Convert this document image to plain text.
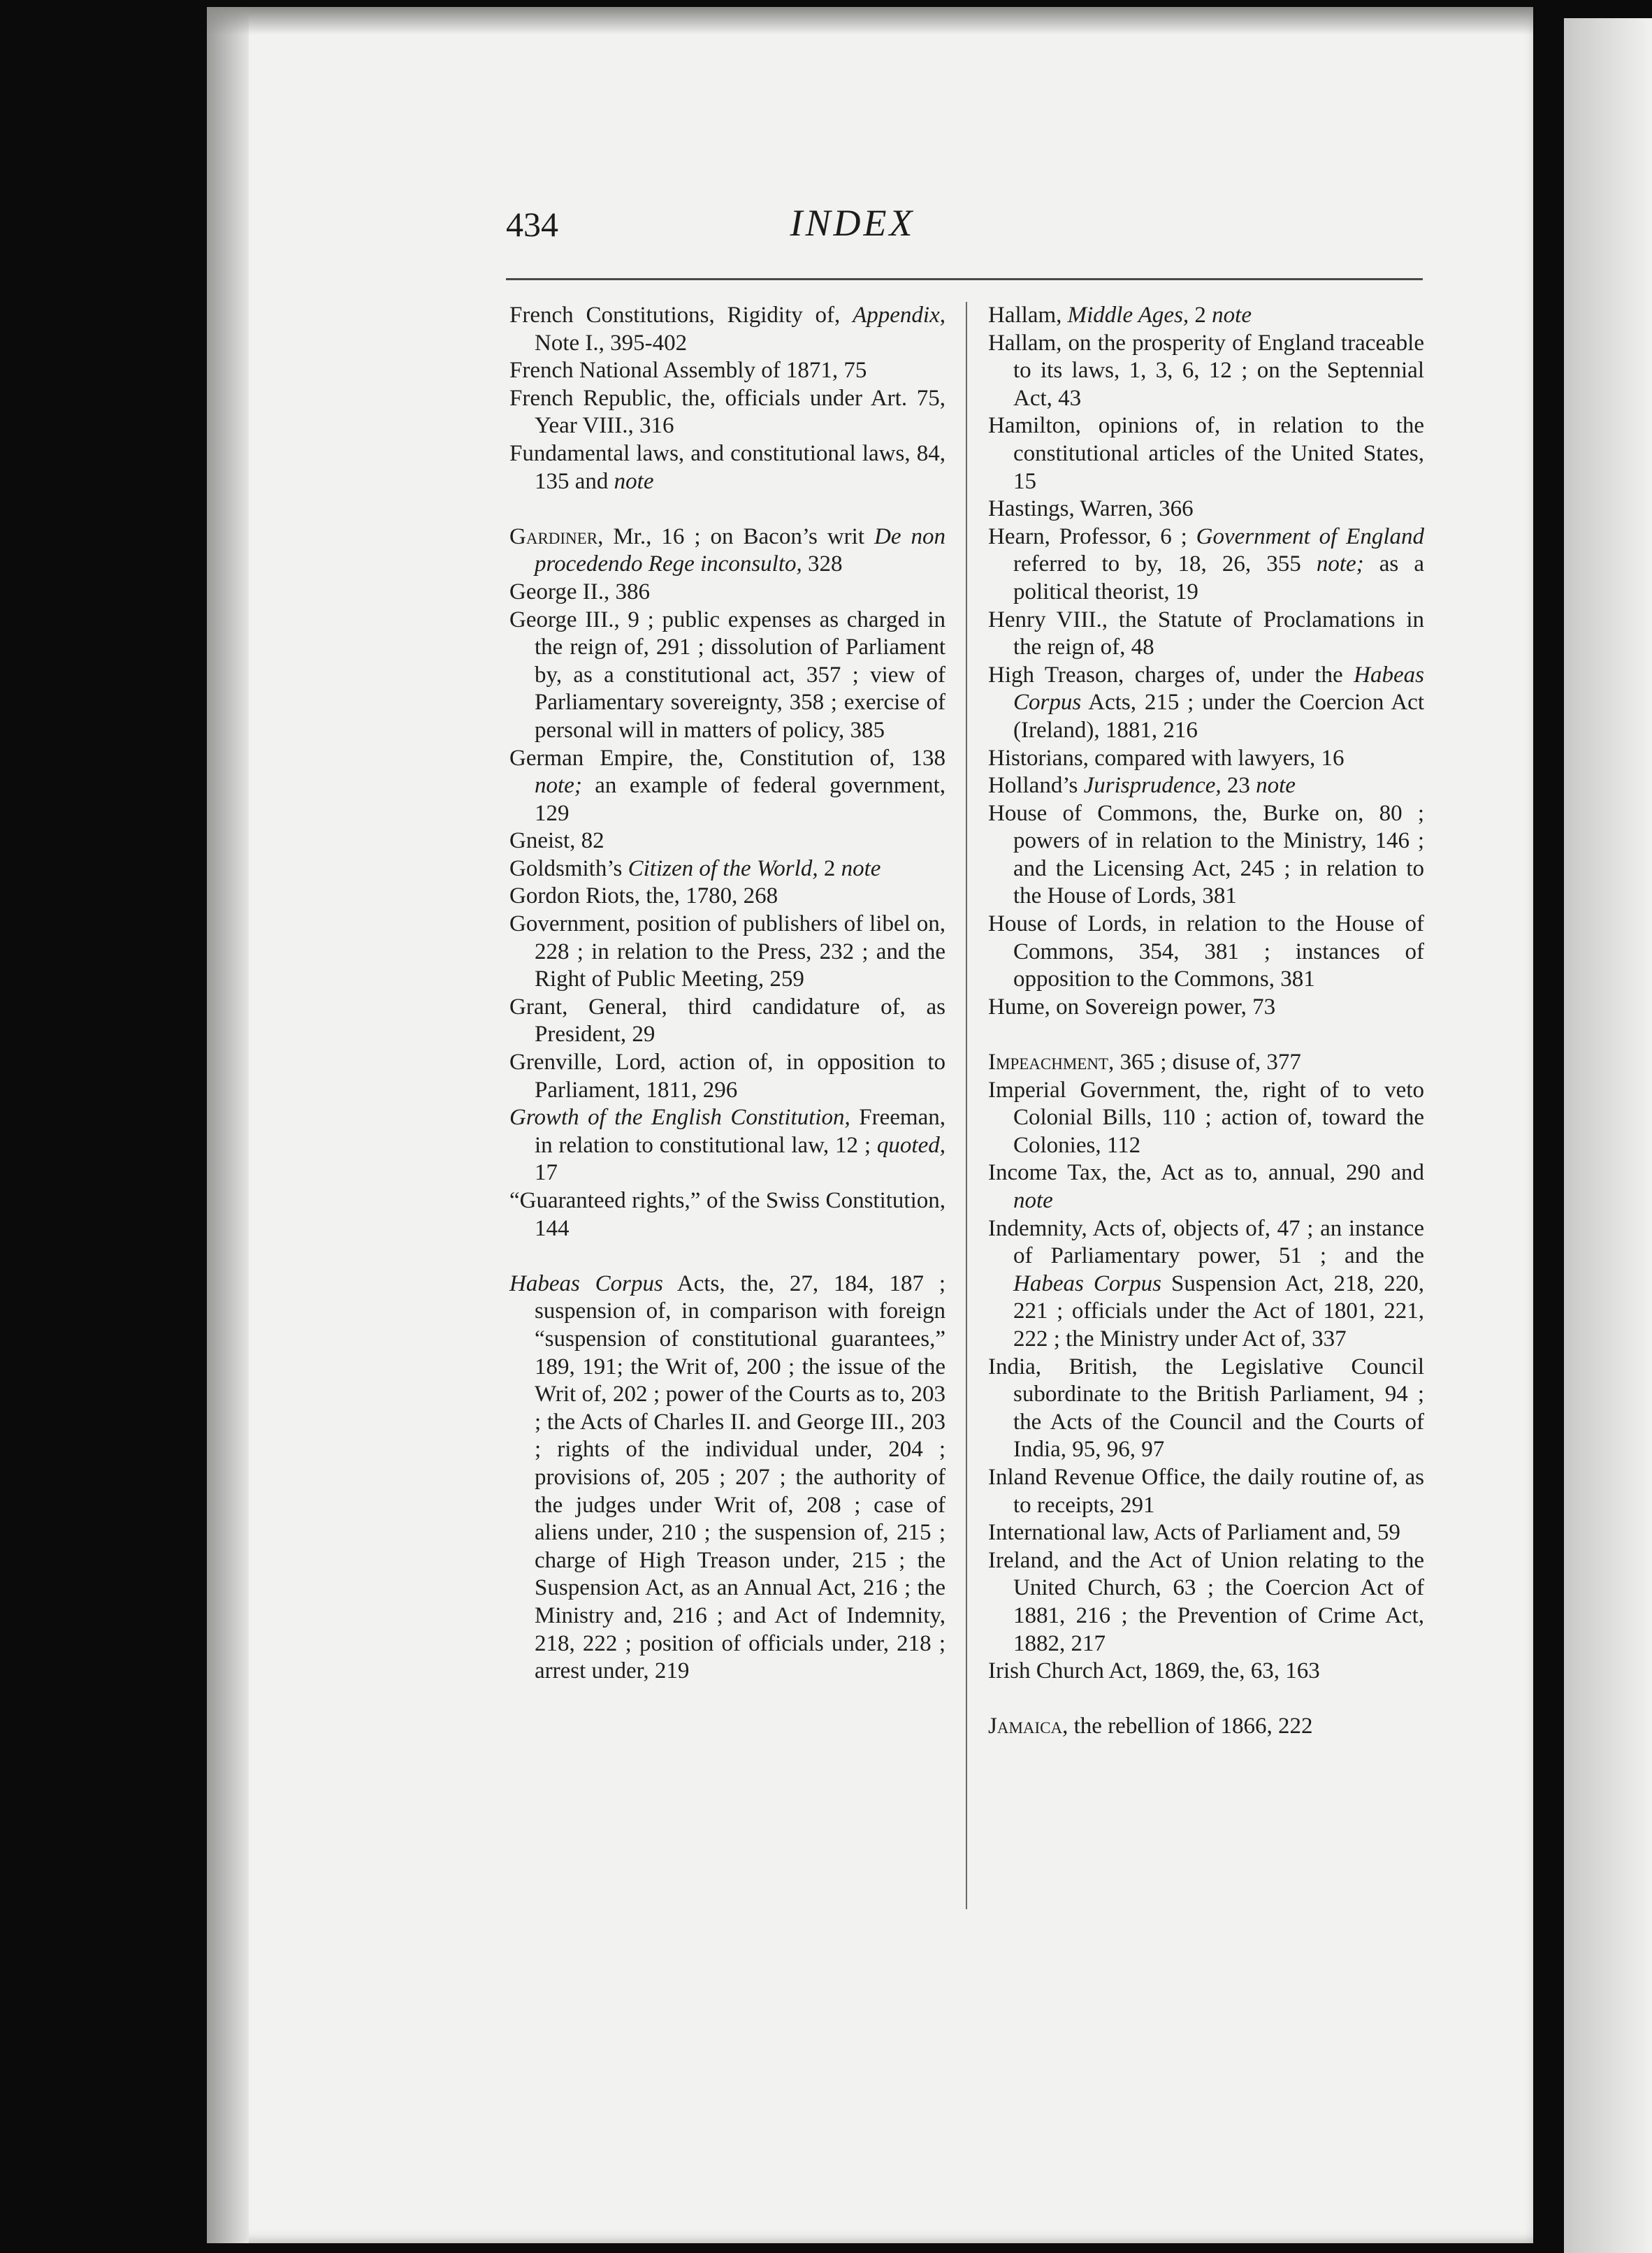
434	INDEX

French Constitutions, Rigidity of, Appendix, Note I., 395-402

French National Assembly of 1871, 75

French Republic, the, officials under Art. 75, Year VIII., 316

Fundamental laws, and constitutional laws, 84, 135 and note

Gardiner, Mr., 16 ; on Bacon’s writ De non procedendo Rege inconsulto, 328

George II., 386

George III., 9 ; public expenses as charged in the reign of, 291 ; dissolution of Parliament by, as a constitutional act, 357 ; view of Parliamentary sovereignty, 358 ; exercise of personal will in matters of policy, 385

German Empire, the, Constitution of, 138 note; an example of federal government, 129

Gneist, 82

Goldsmith’s Citizen of the World, 2 note

Gordon Riots, the, 1780, 268

Government, position of publishers of libel on, 228 ; in relation to the Press, 232 ; and the Right of Public Meeting, 259

Grant, General, third candidature of, as President, 29

Grenville, Lord, action of, in opposition to Parliament, 1811, 296

Growth of the English Constitution, Freeman, in relation to constitutional law, 12 ; quoted, 17

“Guaranteed rights,” of the Swiss Constitution, 144

Habeas Corpus Acts, the, 27, 184, 187 ; suspension of, in comparison with foreign “suspension of constitutional guarantees,” 189, 191; the Writ of, 200 ; the issue of the Writ of, 202 ; power of the Courts as to, 203 ; the Acts of Charles II. and George III., 203 ; rights of the individual under, 204 ; provisions of, 205 ; 207 ; the authority of the judges under Writ of, 208 ; case of aliens under, 210 ; the suspension of, 215 ; charge of High Treason under, 215 ; the Suspension Act, as an Annual Act, 216 ; the Ministry and, 216 ; and Act of Indemnity, 218, 222 ; position of officials under, 218 ; arrest under, 219

Hallam, Middle Ages, 2 note

Hallam, on the prosperity of England traceable to its laws, 1, 3, 6, 12 ; on the Septennial Act, 43

Hamilton, opinions of, in relation to the constitutional articles of the United States, 15

Hastings, Warren, 366

Hearn, Professor, 6 ; Government of England referred to by, 18, 26, 355 note; as a political theorist, 19

Henry VIII., the Statute of Proclamations in the reign of, 48

High Treason, charges of, under the Habeas Corpus Acts, 215 ; under the Coercion Act (Ireland), 1881, 216

Historians, compared with lawyers, 16

Holland’s Jurisprudence, 23 note

House of Commons, the, Burke on, 80 ; powers of in relation to the Ministry, 146 ; and the Licensing Act, 245 ; in relation to the House of Lords, 381

House of Lords, in relation to the House of Commons, 354, 381 ; instances of opposition to the Commons, 381

Hume, on Sovereign power, 73

Impeachment, 365 ; disuse of, 377

Imperial Government, the, right of to veto Colonial Bills, 110 ; action of, toward the Colonies, 112

Income Tax, the, Act as to, annual, 290 and note

Indemnity, Acts of, objects of, 47 ; an instance of Parliamentary power, 51 ; and the Habeas Corpus Suspension Act, 218, 220, 221 ; officials under the Act of 1801, 221, 222 ; the Ministry under Act of, 337

India, British, the Legislative Council subordinate to the British Parliament, 94 ; the Acts of the Council and the Courts of India, 95, 96, 97

Inland Revenue Office, the daily routine of, as to receipts, 291

International law, Acts of Parliament and, 59

Ireland, and the Act of Union relating to the United Church, 63 ; the Coercion Act of 1881, 216 ; the Prevention of Crime Act, 1882, 217

Irish Church Act, 1869, the, 63, 163

Jamaica, the rebellion of 1866, 222
